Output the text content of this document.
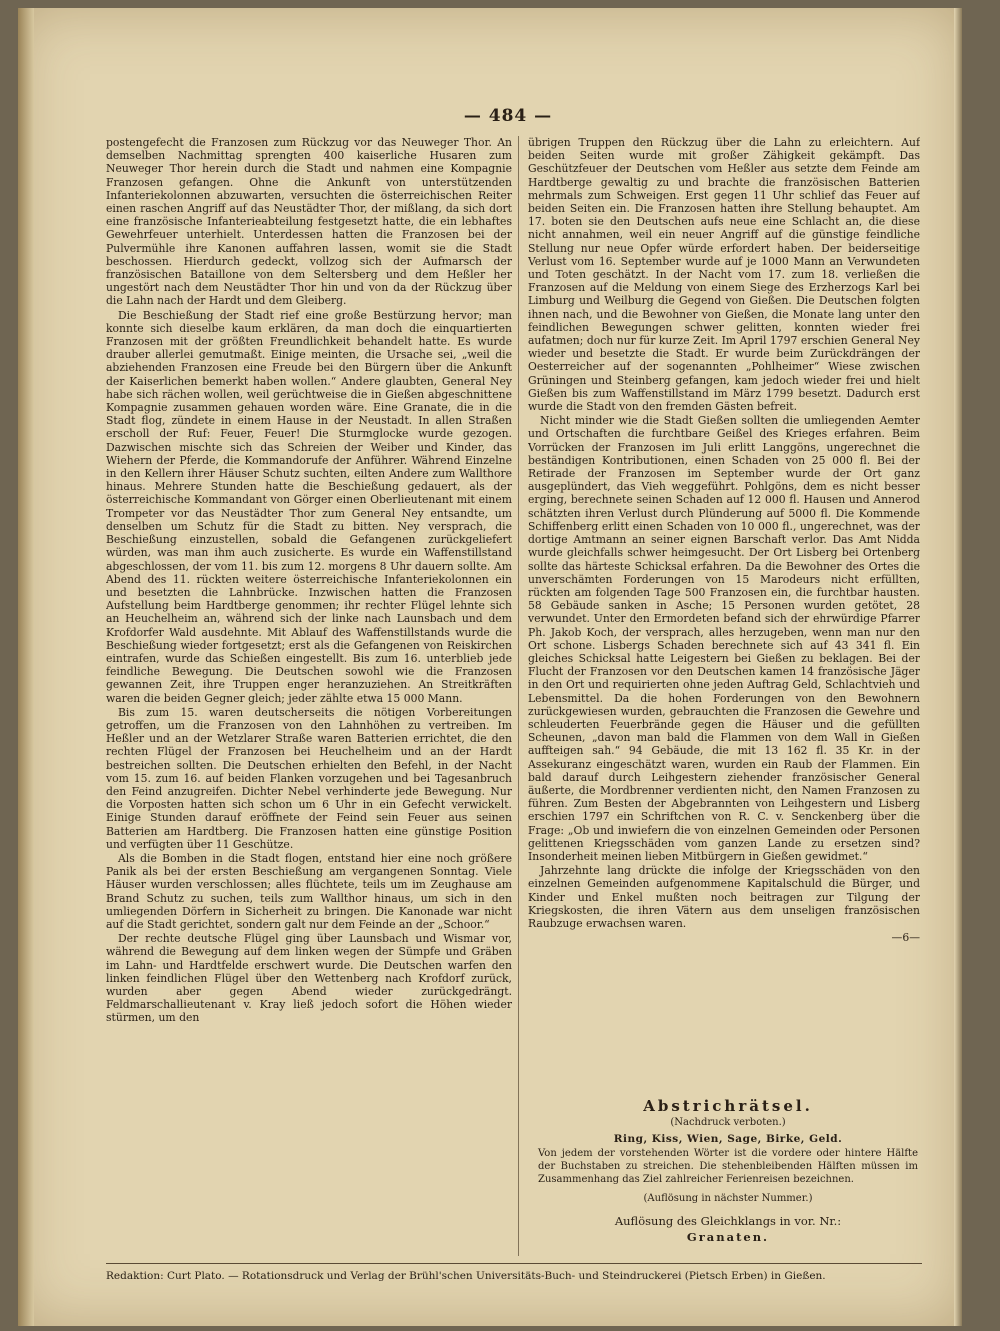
— 484 —

postengefecht die Franzosen zum Rückzug vor das Neuweger Thor. An demselben Nachmittag sprengten 400 kaiserliche Husaren zum Neuweger Thor herein durch die Stadt und nahmen eine Kompagnie Franzosen gefangen. Ohne die Ankunft von unterstützenden Infanteriekolonnen abzuwarten, versuchten die österreichischen Reiter einen raschen Angriff auf das Neustädter Thor, der mißlang, da sich dort eine französische Infanterieabteilung festgesetzt hatte, die ein lebhaftes Gewehrfeuer unterhielt. Unterdessen hatten die Franzosen bei der Pulvermühle ihre Kanonen auffahren lassen, womit sie die Stadt beschossen. Hierdurch gedeckt, vollzog sich der Aufmarsch der französischen Bataillone von dem Seltersberg und dem Heßler her ungestört nach dem Neustädter Thor hin und von da der Rückzug über die Lahn nach der Hardt und dem Gleiberg.

Die Beschießung der Stadt rief eine große Bestürzung hervor; man konnte sich dieselbe kaum erklären, da man doch die einquartierten Franzosen mit der größten Freundlichkeit behandelt hatte. Es wurde drauber allerlei gemutmaßt. Einige meinten, die Ursache sei, „weil die abziehenden Franzosen eine Freude bei den Bürgern über die Ankunft der Kaiserlichen bemerkt haben wollen.“ Andere glaubten, General Ney habe sich rächen wollen, weil gerüchtweise die in Gießen abgeschnittene Kompagnie zusammen gehauen worden wäre. Eine Granate, die in die Stadt flog, zündete in einem Hause in der Neustadt. In allen Straßen erscholl der Ruf: Feuer, Feuer! Die Sturmglocke wurde gezogen. Dazwischen mischte sich das Schreien der Weiber und Kinder, das Wiehern der Pferde, die Kommandorufe der Anführer. Während Einzelne in den Kellern ihrer Häuser Schutz suchten, eilten Andere zum Wallthore hinaus. Mehrere Stunden hatte die Beschießung gedauert, als der österreichische Kommandant von Görger einen Oberlieutenant mit einem Trompeter vor das Neustädter Thor zum General Ney entsandte, um denselben um Schutz für die Stadt zu bitten. Ney versprach, die Beschießung einzustellen, sobald die Gefangenen zurückgeliefert würden, was man ihm auch zusicherte. Es wurde ein Waffenstillstand abgeschlossen, der vom 11. bis zum 12. morgens 8 Uhr dauern sollte. Am Abend des 11. rückten weitere österreichische Infanteriekolonnen ein und besetzten die Lahnbrücke. Inzwischen hatten die Franzosen Aufstellung beim Hardtberge genommen; ihr rechter Flügel lehnte sich an Heuchelheim an, während sich der linke nach Launsbach und dem Krofdorfer Wald ausdehnte. Mit Ablauf des Waffenstillstands wurde die Beschießung wieder fortgesetzt; erst als die Gefangenen von Reiskirchen eintrafen, wurde das Schießen eingestellt. Bis zum 16. unterblieb jede feindliche Bewegung. Die Deutschen sowohl wie die Franzosen gewannen Zeit, ihre Truppen enger heranzuziehen. An Streitkräften waren die beiden Gegner gleich; jeder zählte etwa 15 000 Mann.

Bis zum 15. waren deutscherseits die nötigen Vorbereitungen getroffen, um die Franzosen von den Lahnhöhen zu vertreiben. Im Heßler und an der Wetzlarer Straße waren Batterien errichtet, die den rechten Flügel der Franzosen bei Heuchelheim und an der Hardt bestreichen sollten. Die Deutschen erhielten den Befehl, in der Nacht vom 15. zum 16. auf beiden Flanken vorzugehen und bei Tagesanbruch den Feind anzugreifen. Dichter Nebel verhinderte jede Bewegung. Nur die Vorposten hatten sich schon um 6 Uhr in ein Gefecht verwickelt. Einige Stunden darauf eröffnete der Feind sein Feuer aus seinen Batterien am Hardtberg. Die Franzosen hatten eine günstige Position und verfügten über 11 Geschütze.

Als die Bomben in die Stadt flogen, entstand hier eine noch größere Panik als bei der ersten Beschießung am vergangenen Sonntag. Viele Häuser wurden verschlossen; alles flüchtete, teils um im Zeughause am Brand Schutz zu suchen, teils zum Wallthor hinaus, um sich in den umliegenden Dörfern in Sicherheit zu bringen. Die Kanonade war nicht auf die Stadt gerichtet, sondern galt nur dem Feinde an der „Schoor.“

Der rechte deutsche Flügel ging über Launsbach und Wismar vor, während die Bewegung auf dem linken wegen der Sümpfe und Gräben im Lahn- und Hardtfelde erschwert wurde. Die Deutschen warfen den linken feindlichen Flügel über den Wettenberg nach Krofdorf zurück, wurden aber gegen Abend wieder zurückgedrängt. Feldmarschallieutenant v. Kray ließ jedoch sofort die Höhen wieder stürmen, um den

übrigen Truppen den Rückzug über die Lahn zu erleichtern. Auf beiden Seiten wurde mit großer Zähigkeit gekämpft. Das Geschützfeuer der Deutschen vom Heßler aus setzte dem Feinde am Hardtberge gewaltig zu und brachte die französischen Batterien mehrmals zum Schweigen. Erst gegen 11 Uhr schlief das Feuer auf beiden Seiten ein. Die Franzosen hatten ihre Stellung behauptet. Am 17. boten sie den Deutschen aufs neue eine Schlacht an, die diese nicht annahmen, weil ein neuer Angriff auf die günstige feindliche Stellung nur neue Opfer würde erfordert haben. Der beiderseitige Verlust vom 16. September wurde auf je 1000 Mann an Verwundeten und Toten geschätzt. In der Nacht vom 17. zum 18. verließen die Franzosen auf die Meldung von einem Siege des Erzherzogs Karl bei Limburg und Weilburg die Gegend von Gießen. Die Deutschen folgten ihnen nach, und die Bewohner von Gießen, die Monate lang unter den feindlichen Bewegungen schwer gelitten, konnten wieder frei aufatmen; doch nur für kurze Zeit. Im April 1797 erschien General Ney wieder und besetzte die Stadt. Er wurde beim Zurückdrängen der Oesterreicher auf der sogenannten „Pohlheimer“ Wiese zwischen Grüningen und Steinberg gefangen, kam jedoch wieder frei und hielt Gießen bis zum Waffenstillstand im März 1799 besetzt. Dadurch erst wurde die Stadt von den fremden Gästen befreit.

Nicht minder wie die Stadt Gießen sollten die umliegenden Aemter und Ortschaften die furchtbare Geißel des Krieges erfahren. Beim Vorrücken der Franzosen im Juli erlitt Langgöns, ungerechnet die beständigen Kontributionen, einen Schaden von 25 000 fl. Bei der Retirade der Franzosen im September wurde der Ort ganz ausgeplündert, das Vieh weggeführt. Pohlgöns, dem es nicht besser erging, berechnete seinen Schaden auf 12 000 fl. Hausen und Annerod schätzten ihren Verlust durch Plünderung auf 5000 fl. Die Kommende Schiffenberg erlitt einen Schaden von 10 000 fl., ungerechnet, was der dortige Amtmann an seiner eignen Barschaft verlor. Das Amt Nidda wurde gleichfalls schwer heimgesucht. Der Ort Lisberg bei Ortenberg sollte das härteste Schicksal erfahren. Da die Bewohner des Ortes die unverschämten Forderungen von 15 Marodeurs nicht erfüllten, rückten am folgenden Tage 500 Franzosen ein, die furchtbar hausten. 58 Gebäude sanken in Asche; 15 Personen wurden getötet, 28 verwundet. Unter den Ermordeten befand sich der ehrwürdige Pfarrer Ph. Jakob Koch, der versprach, alles herzugeben, wenn man nur den Ort schone. Lisbergs Schaden berechnete sich auf 43 341 fl. Ein gleiches Schicksal hatte Leigestern bei Gießen zu beklagen. Bei der Flucht der Franzosen vor den Deutschen kamen 14 französische Jäger in den Ort und requirierten ohne jeden Auftrag Geld, Schlachtvieh und Lebensmittel. Da die hohen Forderungen von den Bewohnern zurückgewiesen wurden, gebrauchten die Franzosen die Gewehre und schleuderten Feuerbrände gegen die Häuser und die gefüllten Scheunen, „davon man bald die Flammen von dem Wall in Gießen auffteigen sah.“ 94 Gebäude, die mit 13 162 fl. 35 Kr. in der Assekuranz eingeschätzt waren, wurden ein Raub der Flammen. Ein bald darauf durch Leihgestern ziehender französischer General äußerte, die Mordbrenner verdienten nicht, den Namen Franzosen zu führen. Zum Besten der Abgebrannten von Leihgestern und Lisberg erschien 1797 ein Schriftchen von R. C. v. Senckenberg über die Frage: „Ob und inwiefern die von einzelnen Gemeinden oder Personen gelittenen Kriegsschäden vom ganzen Lande zu ersetzen sind? Insonderheit meinen lieben Mitbürgern in Gießen gewidmet.“

Jahrzehnte lang drückte die infolge der Kriegsschäden von den einzelnen Gemeinden aufgenommene Kapitalschuld die Bürger, und Kinder und Enkel mußten noch beitragen zur Tilgung der Kriegskosten, die ihren Vätern aus dem unseligen französischen Raubzuge erwachsen waren.

—6—
Abstrichrätsel.
(Nachdruck verboten.)
Ring, Kiss, Wien, Sage, Birke, Geld.
Von jedem der vorstehenden Wörter ist die vordere oder hintere Hälfte der Buchstaben zu streichen. Die stehenbleibenden Hälften müssen im Zusammenhang das Ziel zahlreicher Ferienreisen bezeichnen.
(Auflösung in nächster Nummer.)
Auflösung des Gleichklangs in vor. Nr.:
Granaten.
Redaktion: Curt Plato. — Rotationsdruck und Verlag der Brühl'schen Universitäts-Buch- und Steindruckerei (Pietsch Erben) in Gießen.
